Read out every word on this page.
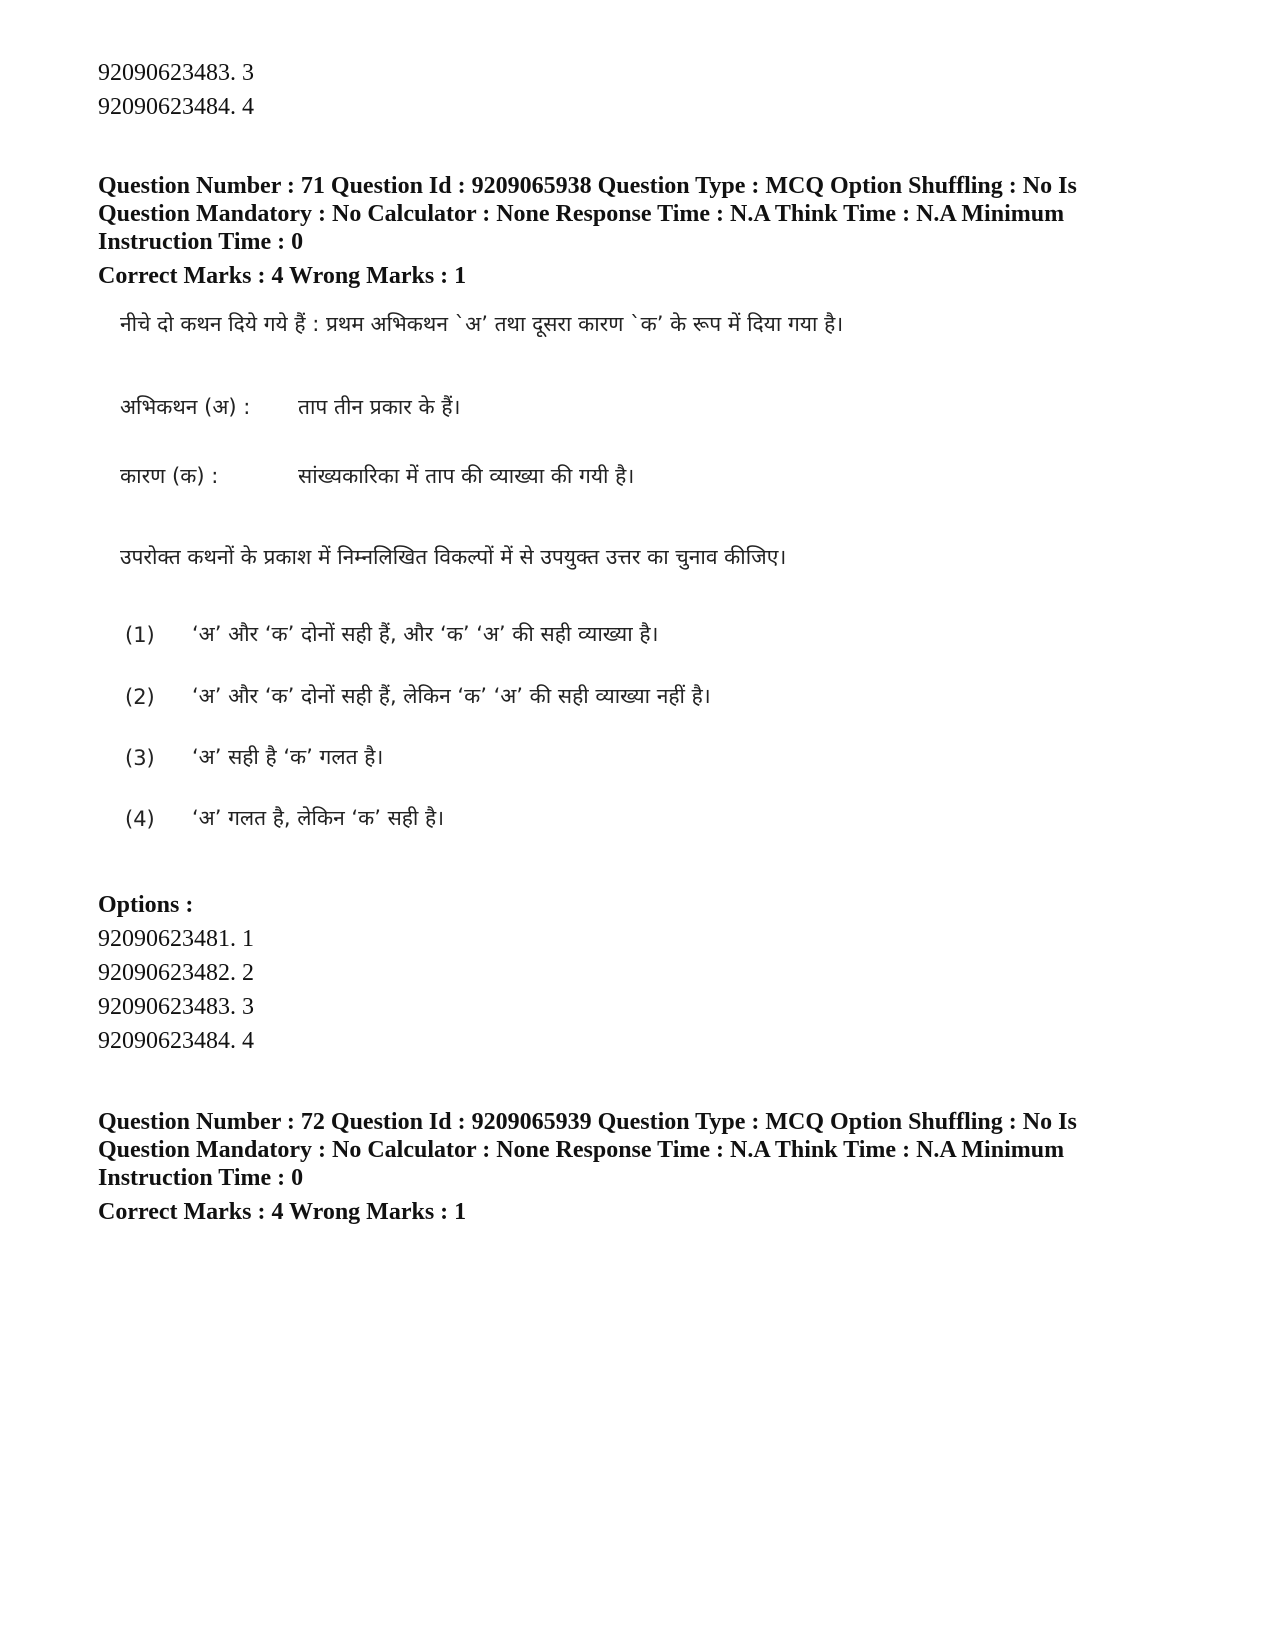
92090623483. 3
92090623484. 4
Question Number : 71 Question Id : 9209065938 Question Type : MCQ Option Shuffling : No Is
Question Mandatory : No Calculator : None Response Time : N.A Think Time : N.A Minimum
Instruction Time : 0
Correct Marks : 4 Wrong Marks : 1
नीचे दो कथन दिये गये हैं : प्रथम अभिकथन `अ’ तथा दूसरा कारण `क’ के रूप में दिया गया है।
अभिकथन (अ) : ताप तीन प्रकार के हैं।
कारण (क) :	सांख्यकारिका में ताप की व्याख्या की गयी है।
उपरोक्त कथनों के प्रकाश में निम्नलिखित विकल्पों में से उपयुक्त उत्तर का चुनाव कीजिए।
(1) ‘अ’ और ‘क’ दोनों सही हैं, और ‘क’ ‘अ’ की सही व्याख्या है।
(2) ‘अ’ और ‘क’ दोनों सही हैं, लेकिन ‘क’ ‘अ’ की सही व्याख्या नहीं है।
(3) ‘अ’ सही है ‘क’ गलत है।
(4) ‘अ’ गलत है, लेकिन ‘क’ सही है।
Options :
92090623481. 1
92090623482. 2
92090623483. 3
92090623484. 4
Question Number : 72 Question Id : 9209065939 Question Type : MCQ Option Shuffling : No Is
Question Mandatory : No Calculator : None Response Time : N.A Think Time : N.A Minimum
Instruction Time : 0
Correct Marks : 4 Wrong Marks : 1
